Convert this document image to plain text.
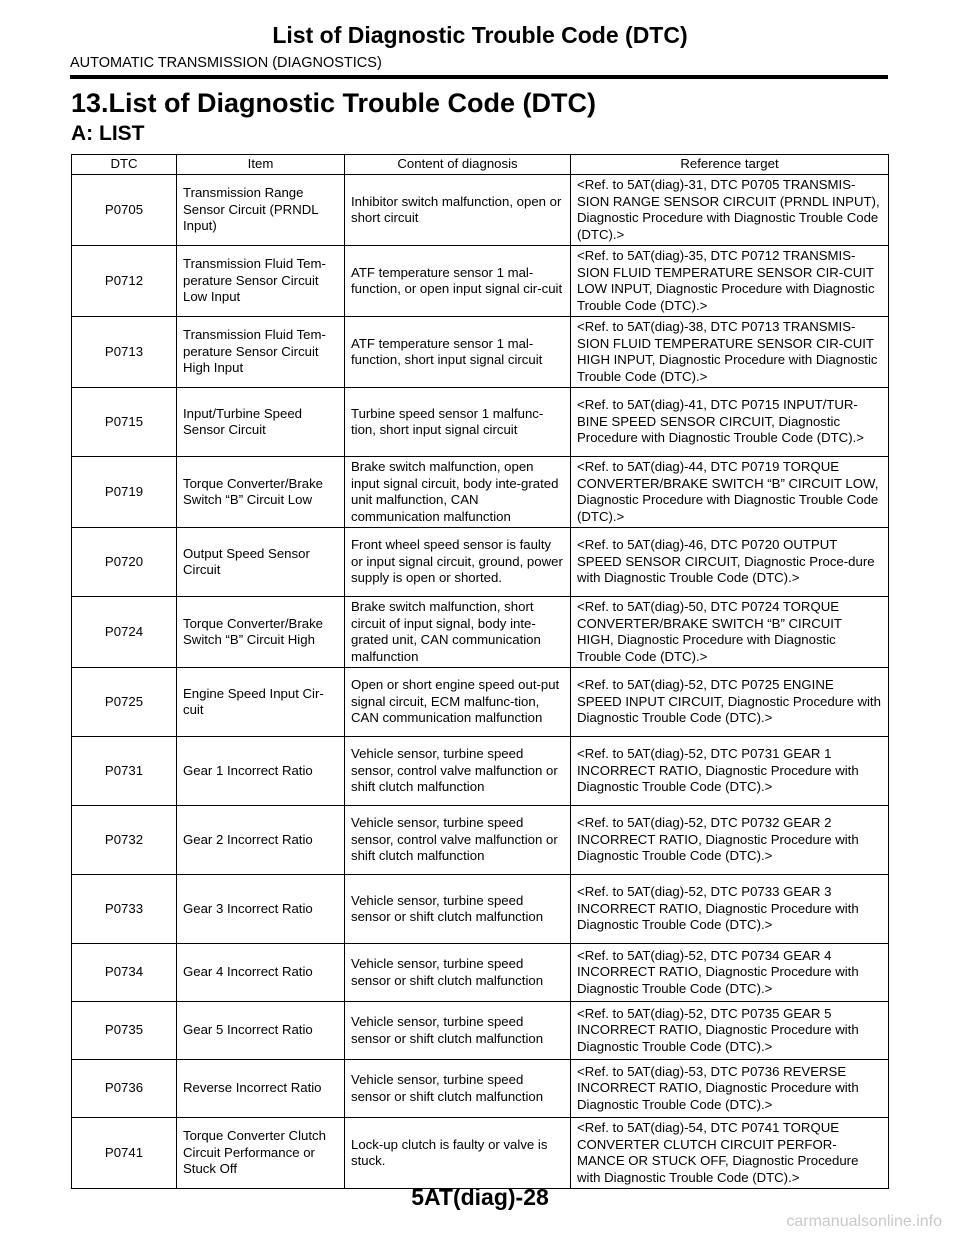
List of Diagnostic Trouble Code (DTC)
AUTOMATIC TRANSMISSION (DIAGNOSTICS)
13.List of Diagnostic Trouble Code (DTC)
A: LIST
DTC	Item	Content of diagnosis	Reference target
P0705	Transmission Range Sensor Circuit (PRNDL Input)	Inhibitor switch malfunction, open or short circuit	<Ref. to 5AT(diag)-31, DTC P0705 TRANSMIS-SION RANGE SENSOR CIRCUIT (PRNDL INPUT), Diagnostic Procedure with Diagnostic Trouble Code (DTC).>
P0712	Transmission Fluid Tem-perature Sensor Circuit Low Input	ATF temperature sensor 1 mal-function, or open input signal cir-cuit	<Ref. to 5AT(diag)-35, DTC P0712 TRANSMIS-SION FLUID TEMPERATURE SENSOR CIR-CUIT LOW INPUT, Diagnostic Procedure with Diagnostic Trouble Code (DTC).>
P0713	Transmission Fluid Tem-perature Sensor Circuit High Input	ATF temperature sensor 1 mal-function, short input signal circuit	<Ref. to 5AT(diag)-38, DTC P0713 TRANSMIS-SION FLUID TEMPERATURE SENSOR CIR-CUIT HIGH INPUT, Diagnostic Procedure with Diagnostic Trouble Code (DTC).>
P0715	Input/Turbine Speed Sensor Circuit	Turbine speed sensor 1 malfunc-tion, short input signal circuit	<Ref. to 5AT(diag)-41, DTC P0715 INPUT/TUR-BINE SPEED SENSOR CIRCUIT, Diagnostic Procedure with Diagnostic Trouble Code (DTC).>
P0719	Torque Converter/Brake Switch “B” Circuit Low	Brake switch malfunction, open input signal circuit, body inte-grated unit malfunction, CAN communication malfunction	<Ref. to 5AT(diag)-44, DTC P0719 TORQUE CONVERTER/BRAKE SWITCH “B” CIRCUIT LOW, Diagnostic Procedure with Diagnostic Trouble Code (DTC).>
P0720	Output Speed Sensor Circuit	Front wheel speed sensor is faulty or input signal circuit, ground, power supply is open or shorted.	<Ref. to 5AT(diag)-46, DTC P0720 OUTPUT SPEED SENSOR CIRCUIT, Diagnostic Proce-dure with Diagnostic Trouble Code (DTC).>
P0724	Torque Converter/Brake Switch “B” Circuit High	Brake switch malfunction, short circuit of input signal, body inte-grated unit, CAN communication malfunction	<Ref. to 5AT(diag)-50, DTC P0724 TORQUE CONVERTER/BRAKE SWITCH “B” CIRCUIT HIGH, Diagnostic Procedure with Diagnostic Trouble Code (DTC).>
P0725	Engine Speed Input Cir-cuit	Open or short engine speed out-put signal circuit, ECM malfunc-tion, CAN communication malfunction	<Ref. to 5AT(diag)-52, DTC P0725 ENGINE SPEED INPUT CIRCUIT, Diagnostic Procedure with Diagnostic Trouble Code (DTC).>
P0731	Gear 1 Incorrect Ratio	Vehicle sensor, turbine speed sensor, control valve malfunction or shift clutch malfunction	<Ref. to 5AT(diag)-52, DTC P0731 GEAR 1 INCORRECT RATIO, Diagnostic Procedure with Diagnostic Trouble Code (DTC).>
P0732	Gear 2 Incorrect Ratio	Vehicle sensor, turbine speed sensor, control valve malfunction or shift clutch malfunction	<Ref. to 5AT(diag)-52, DTC P0732 GEAR 2 INCORRECT RATIO, Diagnostic Procedure with Diagnostic Trouble Code (DTC).>
P0733	Gear 3 Incorrect Ratio	Vehicle sensor, turbine speed sensor or shift clutch malfunction	<Ref. to 5AT(diag)-52, DTC P0733 GEAR 3 INCORRECT RATIO, Diagnostic Procedure with Diagnostic Trouble Code (DTC).>
P0734	Gear 4 Incorrect Ratio	Vehicle sensor, turbine speed sensor or shift clutch malfunction	<Ref. to 5AT(diag)-52, DTC P0734 GEAR 4 INCORRECT RATIO, Diagnostic Procedure with Diagnostic Trouble Code (DTC).>
P0735	Gear 5 Incorrect Ratio	Vehicle sensor, turbine speed sensor or shift clutch malfunction	<Ref. to 5AT(diag)-52, DTC P0735 GEAR 5 INCORRECT RATIO, Diagnostic Procedure with Diagnostic Trouble Code (DTC).>
P0736	Reverse Incorrect Ratio	Vehicle sensor, turbine speed sensor or shift clutch malfunction	<Ref. to 5AT(diag)-53, DTC P0736 REVERSE INCORRECT RATIO, Diagnostic Procedure with Diagnostic Trouble Code (DTC).>
P0741	Torque Converter Clutch Circuit Performance or Stuck Off	Lock-up clutch is faulty or valve is stuck.	<Ref. to 5AT(diag)-54, DTC P0741 TORQUE CONVERTER CLUTCH CIRCUIT PERFOR-MANCE OR STUCK OFF, Diagnostic Procedure with Diagnostic Trouble Code (DTC).>
5AT(diag)-28
carmanualsonline.info
